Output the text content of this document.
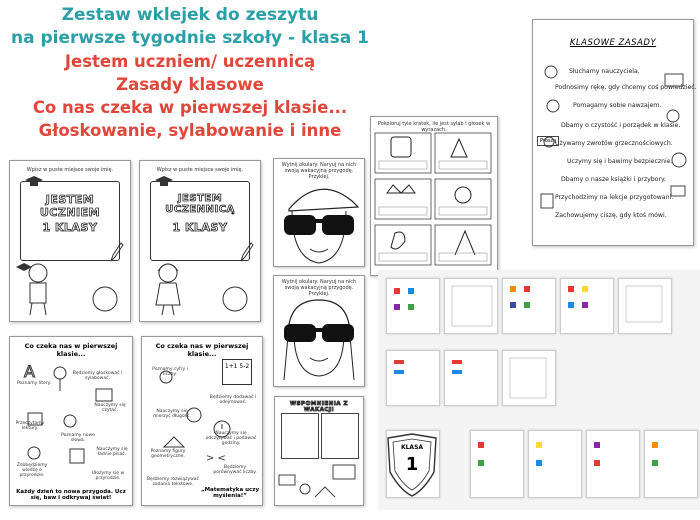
Zestaw wklejek do zeszytu
na pierwsze tygodnie szkoły - klasa 1
Jestem uczniem/ uczennicą
Zasady klasowe
Co nas czeka w pierwszej klasie...
Głoskowanie, sylabowanie i inne
Wpisz w puste miejsce swoje imię.
JESTEM UCZNIEM
1 KLASY
Wpisz w puste miejsce swoje imię.
JESTEM UCZENNICĄ
1 KLASY
Wytnij okulary. Naryuj na nich swoją wakacyjną przygodę. Przyklej.
Wytnij okulary. Naryuj na nich swoją wakacyjną przygodę. Przyklej.
Co czeka nas w pierwszej klasie...
Poznamy litery.
Będziemy głoskować i sylabować.
Nauczymy się czytać.
Przeczytamy lektury.
Poznamy nowe słowa.
Nauczymy się ładnie pisać.
Zdobędziemy wiedzę o przyrodzie.	Ułożymy się w przyrodzie.
A
Każdy dzień to nowa przygoda. Ucz się, baw i odkrywaj świat!
Co czeka nas w pierwszej klasie...
1+1 5-2
Poznamy cyfry i liczby.
Będziemy dodawać i odejmować.
Nauczymy się mierzyć długość.
Nauczymy się odczytywać i podawać godziny.
Poznamy figury geometryczne.
Będziemy porównywać liczby.
Będziemy rozwiązywać zadania tekstowe.
> <
„Matematyka uczy myślenia!”
WSPOMNIENIA Z WAKACJI
Pokoloruj tyle kratek, ile jest sylab i głosek w wyrazach.
KLASOWE ZASADY
Słuchamy nauczyciela.
Podnosimy rękę, gdy chcemy coś powiedzieć.
Pomagamy sobie nawzajem.
Dbamy o czystość i porządek w klasie.
Używamy zwrotów grzecznościowych.
Uczymy się i bawimy bezpiecznie.
Dbamy o nasze książki i przybory.
Przychodzimy na lekcje przygotowani.
Zachowujemy ciszę, gdy ktoś mówi.
Proszę
KLASA
1
